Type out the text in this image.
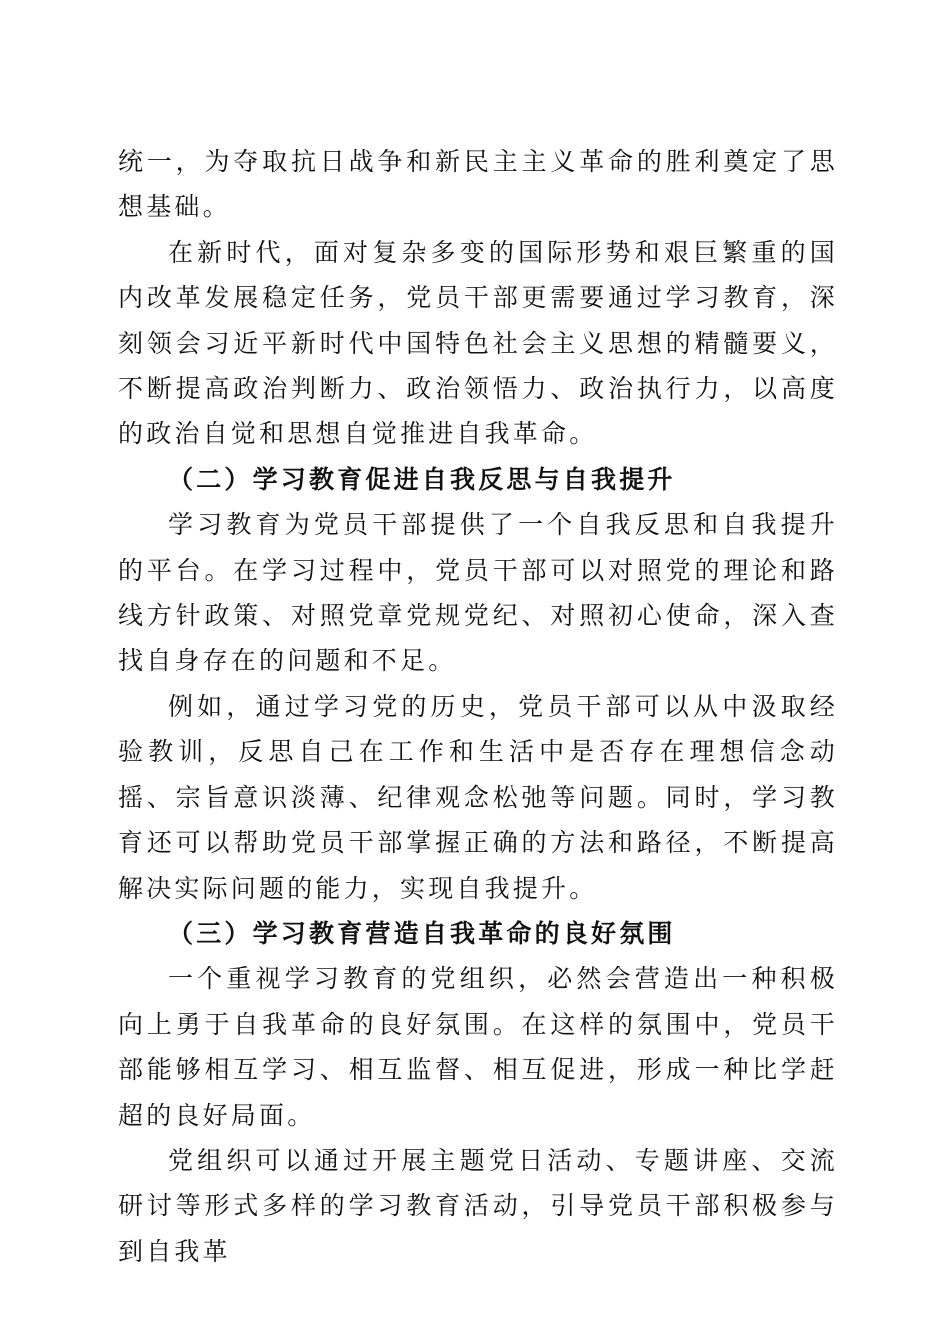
统一，为夺取抗日战争和新民主主义革命的胜利奠定了思想基础。

在新时代，面对复杂多变的国际形势和艰巨繁重的国内改革发展稳定任务，党员干部更需要通过学习教育，深刻领会习近平新时代中国特色社会主义思想的精髓要义，不断提高政治判断力、政治领悟力、政治执行力，以高度的政治自觉和思想自觉推进自我革命。

（二）学习教育促进自我反思与自我提升

学习教育为党员干部提供了一个自我反思和自我提升的平台。在学习过程中，党员干部可以对照党的理论和路线方针政策、对照党章党规党纪、对照初心使命，深入查找自身存在的问题和不足。

例如，通过学习党的历史，党员干部可以从中汲取经验教训，反思自己在工作和生活中是否存在理想信念动摇、宗旨意识淡薄、纪律观念松弛等问题。同时，学习教育还可以帮助党员干部掌握正确的方法和路径，不断提高解决实际问题的能力，实现自我提升。

（三）学习教育营造自我革命的良好氛围

一个重视学习教育的党组织，必然会营造出一种积极向上勇于自我革命的良好氛围。在这样的氛围中，党员干部能够相互学习、相互监督、相互促进，形成一种比学赶超的良好局面。

党组织可以通过开展主题党日活动、专题讲座、交流研讨等形式多样的学习教育活动，引导党员干部积极参与到自我革
